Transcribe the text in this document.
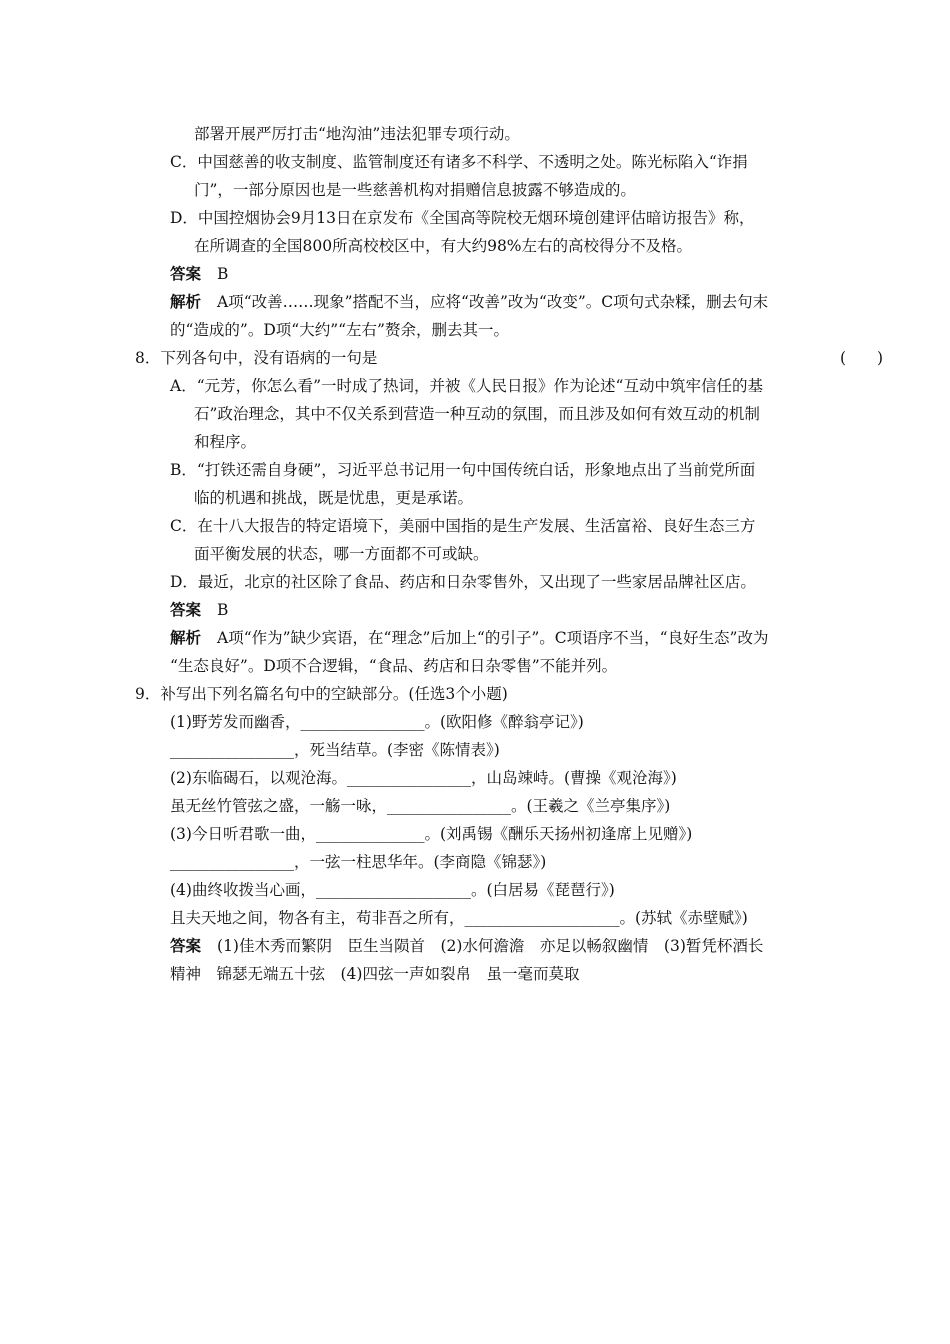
部署开展严厉打击“地沟油”违法犯罪专项行动。
C．中国慈善的收支制度、监管制度还有诸多不科学、不透明之处。陈光标陷入“诈捐
门”，一部分原因也是一些慈善机构对捐赠信息披露不够造成的。
D．中国控烟协会9月13日在京发布《全国高等院校无烟环境创建评估暗访报告》称，
在所调查的全国800所高校校区中，有大约98%左右的高校得分不及格。
答案 B
解析 A项“改善……现象”搭配不当，应将“改善”改为“改变”。C项句式杂糅，删去句末
的“造成的”。D项“大约”“左右”赘余，删去其一。
8．下列各句中，没有语病的一句是	(　　)
A．“元芳，你怎么看”一时成了热词，并被《人民日报》作为论述“互动中筑牢信任的基
石”政治理念，其中不仅关系到营造一种互动的氛围，而且涉及如何有效互动的机制
和程序。
B．“打铁还需自身硬”，习近平总书记用一句中国传统白话，形象地点出了当前党所面
临的机遇和挑战，既是忧患，更是承诺。
C．在十八大报告的特定语境下，美丽中国指的是生产发展、生活富裕、良好生态三方
面平衡发展的状态，哪一方面都不可或缺。
D．最近，北京的社区除了食品、药店和日杂零售外，又出现了一些家居品牌社区店。
答案 B
解析 A项“作为”缺少宾语，在“理念”后加上“的引子”。C项语序不当，“良好生态”改为
“生态良好”。D项不合逻辑，“食品、药店和日杂零售”不能并列。
9．补写出下列名篇名句中的空缺部分。(任选3个小题)
(1)野芳发而幽香，________________。(欧阳修《醉翁亭记》)
________________，死当结草。(李密《陈情表》)
(2)东临碣石，以观沧海。________________，山岛竦峙。(曹操《观沧海》)
虽无丝竹管弦之盛，一觞一咏，________________。(王羲之《兰亭集序》)
(3)今日听君歌一曲，______________。(刘禹锡《酬乐天扬州初逢席上见赠》)
________________，一弦一柱思华年。(李商隐《锦瑟》)
(4)曲终收拨当心画，____________________。(白居易《琵琶行》)
且夫天地之间，物各有主，苟非吾之所有，____________________。(苏轼《赤壁赋》)
答案 (1)佳木秀而繁阴　臣生当陨首　(2)水何澹澹　亦足以畅叙幽情　(3)暂凭杯酒长
精神　锦瑟无端五十弦　(4)四弦一声如裂帛　虽一毫而莫取
